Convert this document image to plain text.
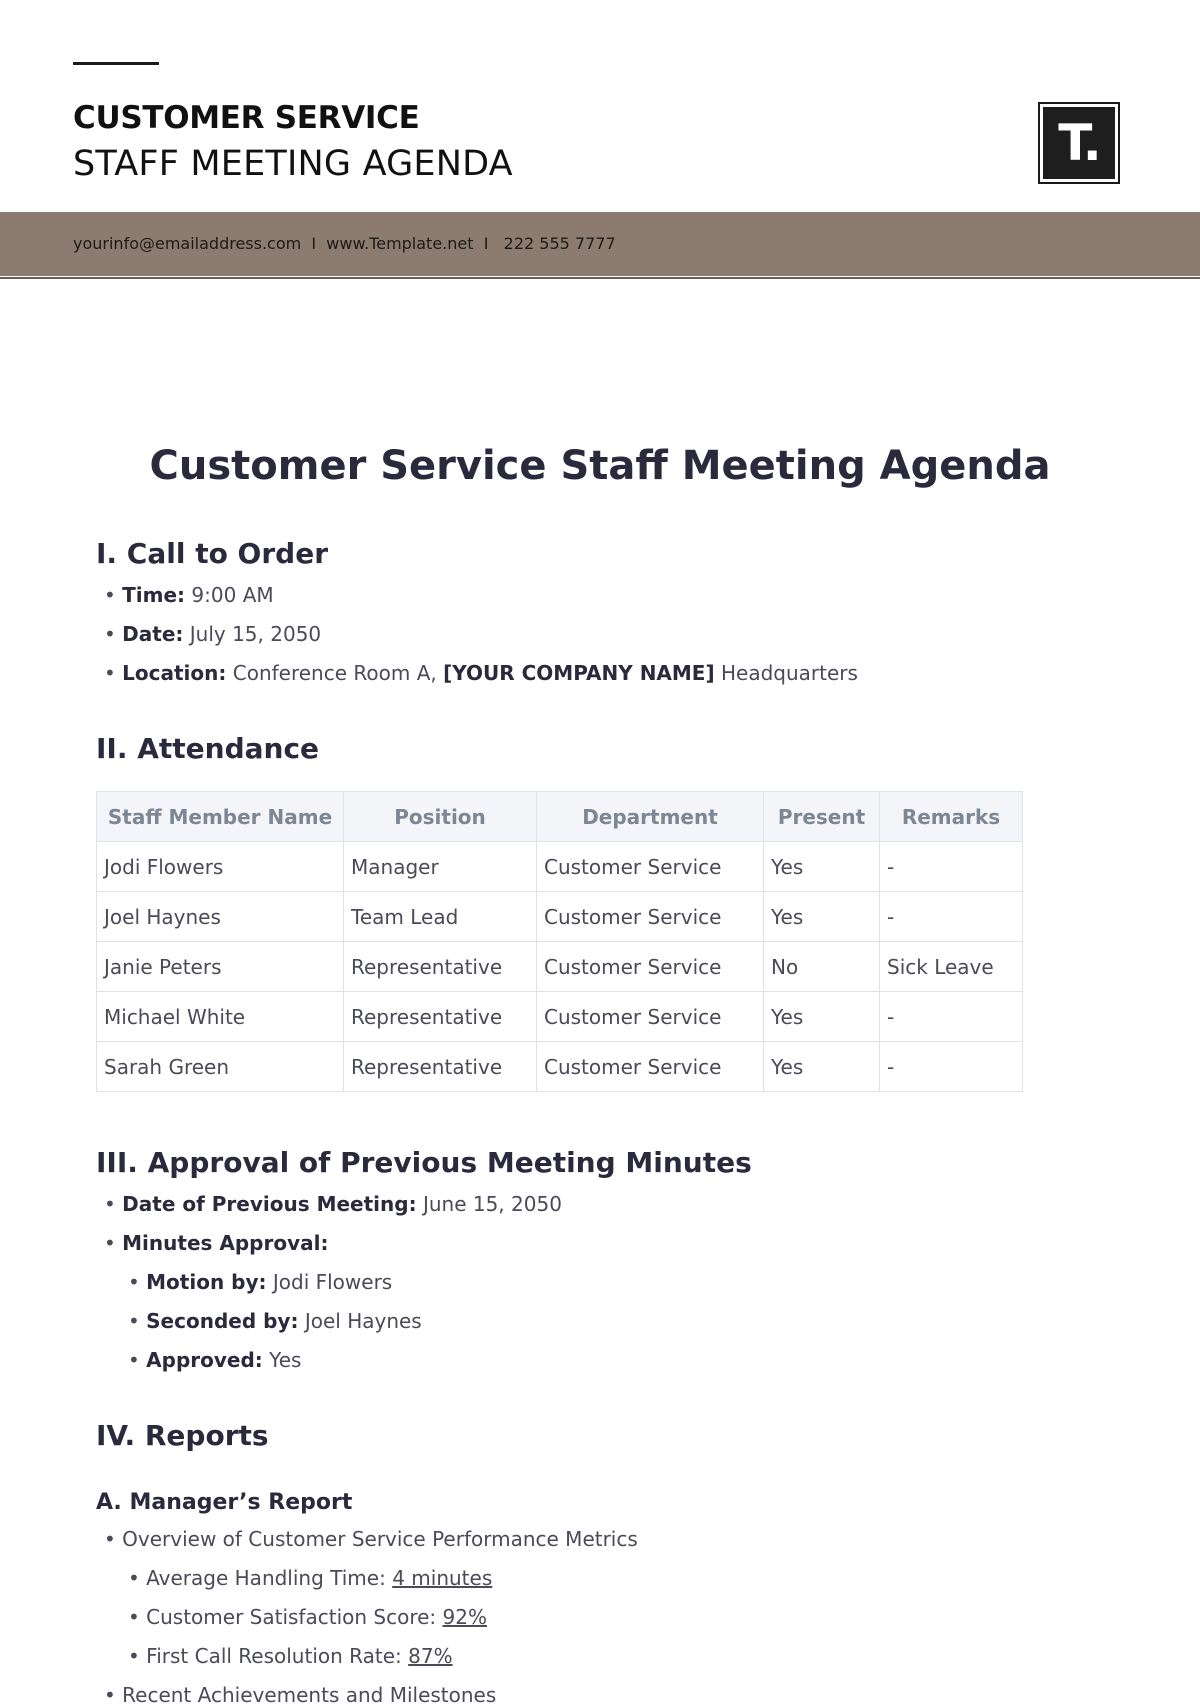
CUSTOMER SERVICE
STAFF MEETING AGENDA	T.
yourinfo@emailaddress.com  I  www.Template.net  I   222 555 7777
Customer Service Staff Meeting Agenda
I. Call to Order
• Time: 9:00 AM
• Date: July 15, 2050
• Location: Conference Room A, [YOUR COMPANY NAME] Headquarters
II. Attendance
Staff Member Name	Position	Department	Present	Remarks
Jodi Flowers	Manager	Customer Service	Yes	-
Joel Haynes	Team Lead	Customer Service	Yes	-
Janie Peters	Representative	Customer Service	No	Sick Leave
Michael White	Representative	Customer Service	Yes	-
Sarah Green	Representative	Customer Service	Yes	-
III. Approval of Previous Meeting Minutes
• Date of Previous Meeting: June 15, 2050
• Minutes Approval:
• Motion by: Jodi Flowers
• Seconded by: Joel Haynes
• Approved: Yes
IV. Reports
A. Manager’s Report
• Overview of Customer Service Performance Metrics
• Average Handling Time: 4 minutes
• Customer Satisfaction Score: 92%
• First Call Resolution Rate: 87%
• Recent Achievements and Milestones
